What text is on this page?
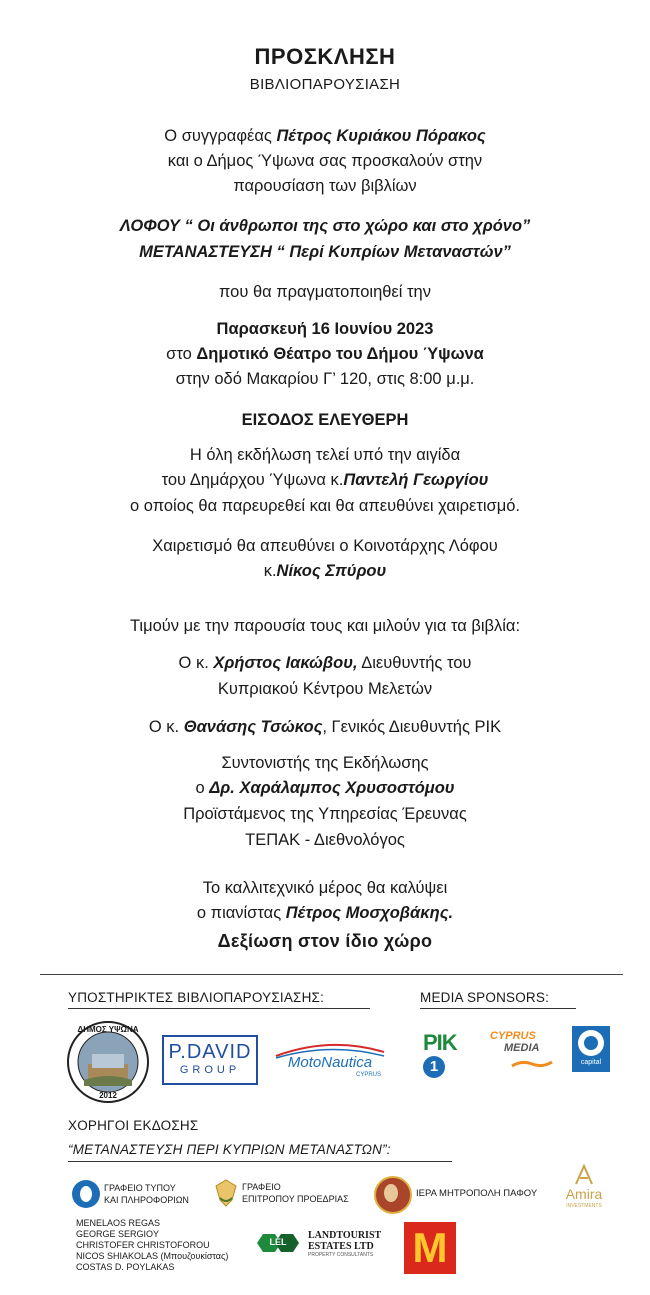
ΠΡΟΣΚΛΗΣΗ
ΒΙΒΛΙΟΠΑΡΟΥΣΙΑΣΗ
Ο συγγραφέας Πέτρος Κυριάκου Πόρακος
και ο Δήμος Ύψωνα σας προσκαλούν στην
παρουσίαση των βιβλίων
ΛΟΦΟΥ “ Οι άνθρωποι της στο χώρο και στο χρόνο”
ΜΕΤΑΝΑΣΤΕΥΣΗ “ Περί Κυπρίων Μεταναστών”
που θα πραγματοποιηθεί την
Παρασκευή 16 Ιουνίου 2023
στο Δημοτικό Θέατρο του Δήμου Ύψωνα
στην οδό Μακαρίου Γ’ 120, στις 8:00 μ.μ.
ΕΙΣΟΔΟΣ ΕΛΕΥΘΕΡΗ
Η όλη εκδήλωση τελεί υπό την αιγίδα
του Δημάρχου Ύψωνα κ.Παντελή Γεωργίου
ο οποίος θα παρευρεθεί και θα απευθύνει χαιρετισμό.
Χαιρετισμό θα απευθύνει ο Κοινοτάρχης Λόφου
κ.Νίκος Σπύρου
Τιμούν με την παρουσία τους και μιλούν για τα βιβλία:
Ο κ. Χρήστος Ιακώβου, Διευθυντής του
Κυπριακού Κέντρου Μελετών
Ο κ. Θανάσης Τσώκος, Γενικός Διευθυντής ΡΙΚ
Συντονιστής της Εκδήλωσης
ο Δρ. Χαράλαμπος Χρυσοστόμου
Προϊστάμενος της Υπηρεσίας Έρευνας
ΤΕΠΑΚ - Διεθνολόγος
Το καλλιτεχνικό μέρος θα καλύψει
ο πιανίστας Πέτρος Μοσχοβάκης.
Δεξίωση στον ίδιο χώρο
ΥΠΟΣΤΗΡΙΚΤΕΣ ΒΙΒΛΙΟΠΑΡΟΥΣΙΑΣΗΣ:	MEDIA SPONSORS:
ΔΗΜΟΣ ΥΨΩΝΑ
2012
P.DAVID
GROUP	MotoNautica
CYPRUS
ΡΙΚ 1
CYPRUS
MEDIA
capital
ΧΟΡΗΓΟΙ ΕΚΔΟΣΗΣ
“ΜΕΤΑΝΑΣΤΕΥΣΗ ΠΕΡΙ ΚΥΠΡΙΩΝ ΜΕΤΑΝΑΣΤΩΝ”:
ΓΡΑΦΕΙΟ ΤΥΠΟΥ
ΚΑΙ ΠΛΗΡΟΦΟΡΙΩΝ
ΓΡΑΦΕΙΟ
ΕΠΙΤΡΟΠΟΥ ΠΡΟΕΔΡΙΑΣ	ΙΕΡΑ ΜΗΤΡΟΠΟΛΗ ΠΑΦΟΥ	Amira
INVESTMENTS
MENELAOS REGAS
GEORGE SERGIOY
CHRISTOFER CHRISTOFOROU
NICOS SHIAKOLAS (Μπουζουκίστας)
COSTAS D. POYLAKAS
LEL
LANDTOURIST
ESTATES LTD
PROPERTY CONSULTANTS M
